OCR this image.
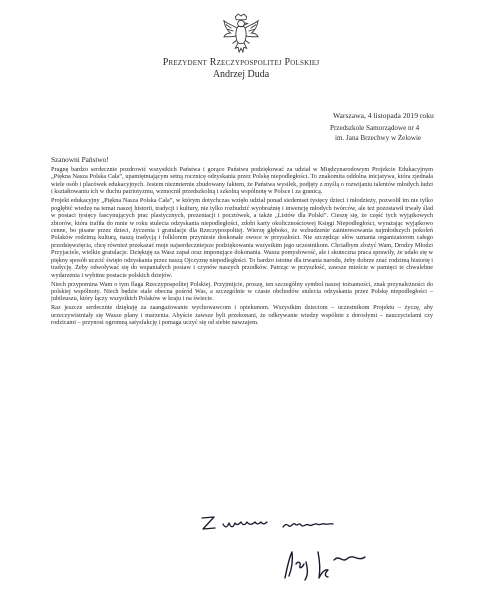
Prezydent Rzeczypospolitej Polskiej
Andrzej Duda
Warszawa, 4 listopada 2019 roku
Przedszkole Samorządowe nr 4
im. Jana Brzechwy w Żelowie
Szanowni Państwo!

Pragnę bardzo serdecznie pozdrowić wszystkich Państwa i gorąco Państwu podziękować za udział w Międzynarodowym Projekcie Edukacyjnym „Piękna Nasza Polska Cała”, upamiętniającym setną rocznicę odzyskania przez Polskę niepodległości. To znakomita oddolna inicjatywa, która zjednała wiele osób i placówek edukacyjnych. Jestem niezmiernie zbudowany faktem, że Państwa wysiłek, podjęty z myślą o rozwijaniu talentów młodych ludzi i kształtowaniu ich w duchu patriotyzmu, wzmocnił przedszkolną i szkolną wspólnotę w Polsce i za granicą.

Projekt edukacyjny „Piękna Nasza Polska Cała”, w którym dotychczas wzięło udział ponad siedemset tysięcy dzieci i młodzieży, pozwolił im nie tylko pogłębić wiedzę na temat naszej historii, tradycji i kultury, nie tylko rozbudzić wyobraźnię i inwencję młodych twórców, ale też pozostawił trwały ślad w postaci tysięcy fascynujących prac plastycznych, prezentacji i pocztówek, a także „Listów dla Polski”. Cieszę się, że część tych wyjątkowych zbiorów, która trafiła do mnie w roku stulecia odzyskania niepodległości, zdobi karty okolicznościowej Księgi Niepodległości, wyrażając wyjątkowo cenne, bo pisane przez dzieci, życzenia i gratulacje dla Rzeczypospolitej. Wierzę głęboko, że wzbudzenie zainteresowania najmłodszych pokoleń Polaków rodzimą kulturą, naszą tradycją i folklorem przyniesie doskonałe owoce w przyszłości. Nie szczędząc słów uznania organizatorom całego przedsięwzięcia, chcę również przekazać moje najserdeczniejsze podziękowania wszystkim jego uczestnikom. Chciałbym złożyć Wam, Drodzy Młodzi Przyjaciele, wielkie gratulacje. Dziękuję za Wasz zapał oraz imponujące dokonania. Wasza pomysłowość, ale i skuteczna praca sprawiły, że udało się w piękny sposób uczcić święto odzyskania przez naszą Ojczyznę niepodległości. To bardzo istotne dla trwania narodu, żeby dobrze znać rodzimą historię i tradycję. Żeby odwoływać się do wspaniałych postaw i czynów naszych przodków. Patrząc w przyszłość, zawsze mieście w pamięci te chwalebne wydarzenia i wybitne postacie polskich dziejów.

Niech przypomina Wam o tym flaga Rzeczypospolitej Polskiej. Przyjmijcie, proszę, ten szczególny symbol naszej tożsamości, znak przynależności do polskiej wspólnoty. Niech będzie stale obecna pośród Was, a szczególnie w czasie obchodów stulecia odzyskania przez Polskę niepodległości – jubileuszu, który łączy wszystkich Polaków w kraju i na świecie.

Raz jeszcze serdecznie dziękuję za zaangażowanie wychowawcom i opiekunom. Wszystkim dzieciom – uczestnikom Projektu – życzę, aby urzeczywistniały się Wasze plany i marzenia. Abyście zawsze byli przekonani, że odkrywanie wiedzy wspólnie z dorosłymi – nauczycielami czy rodzicami – przynosi ogromną satysfakcję i pomaga uczyć się od siebie nawzajem.
